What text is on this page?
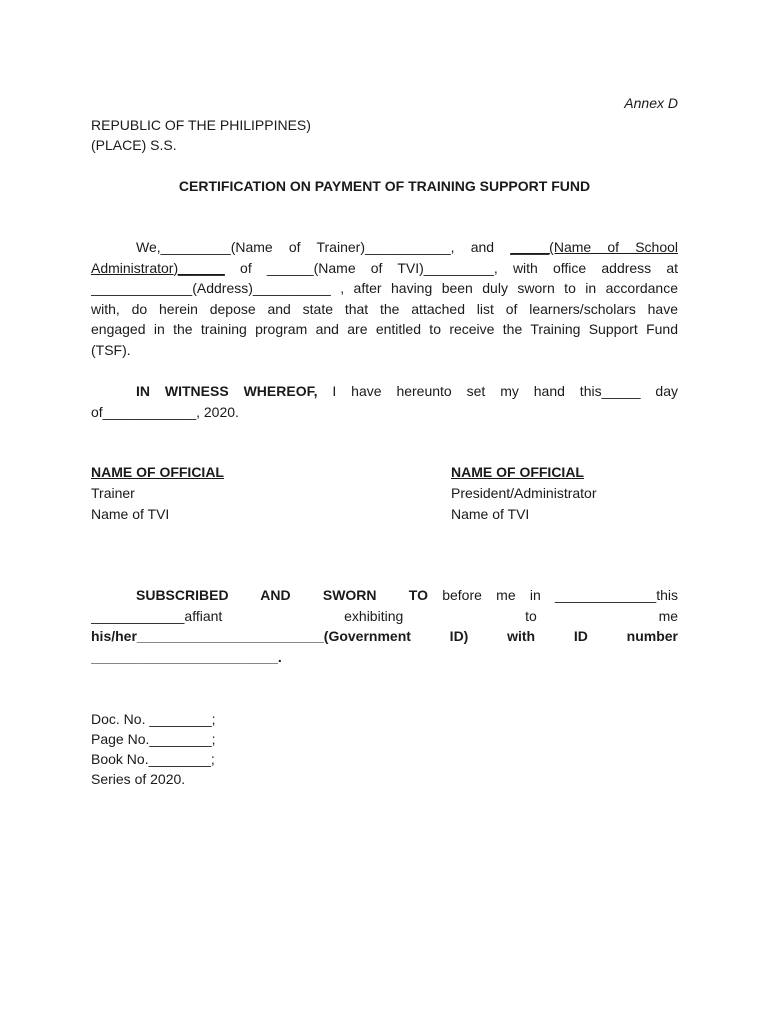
Annex D
REPUBLIC OF THE PHILIPPINES)
(PLACE) S.S.
CERTIFICATION ON PAYMENT OF TRAINING SUPPORT FUND
We,_________(Name of Trainer)___________, and _____(Name of School
Administrator)______ of ______(Name of TVI)_________, with office address at
_____________(Address)__________ , after having been duly sworn to in accordance
with, do herein depose and state that the attached list of learners/scholars have
engaged in the training program and are entitled to receive the Training Support Fund
(TSF).
IN WITNESS WHEREOF, I have hereunto set my hand this_____ day
of____________, 2020.
NAME OF OFFICIAL
Trainer
Name of TVI
NAME OF OFFICIAL
President/Administrator
Name of TVI
SUBSCRIBED AND SWORN TO before me in _____________this
____________affiant	exhibiting	to	me
his/her________________________(Government ID) with ID number
________________________.
Doc. No. ________;
Page No.________;
Book No.________;
Series of 2020.
